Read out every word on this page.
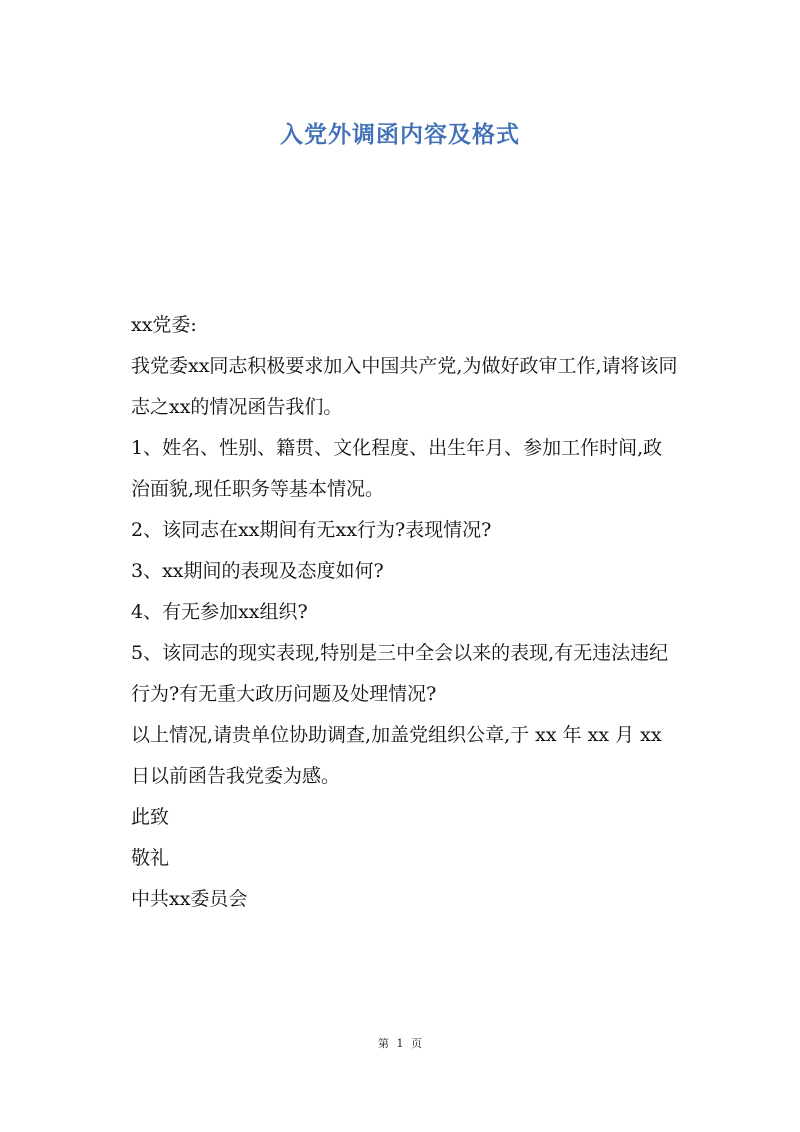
入党外调函内容及格式

xx党委:

我党委xx同志积极要求加入中国共产党,为做好政审工作,请将该同志之xx的情况函告我们。

1、姓名、性别、籍贯、文化程度、出生年月、参加工作时间,政治面貌,现任职务等基本情况。

2、该同志在xx期间有无xx行为?表现情况?

3、xx期间的表现及态度如何?

4、有无参加xx组织?

5、该同志的现实表现,特别是三中全会以来的表现,有无违法违纪行为?有无重大政历问题及处理情况?

以上情况,请贵单位协助调查,加盖党组织公章,于 xx 年 xx 月 xx 日以前函告我党委为感。

此致

敬礼

中共xx委员会

第 1 页
